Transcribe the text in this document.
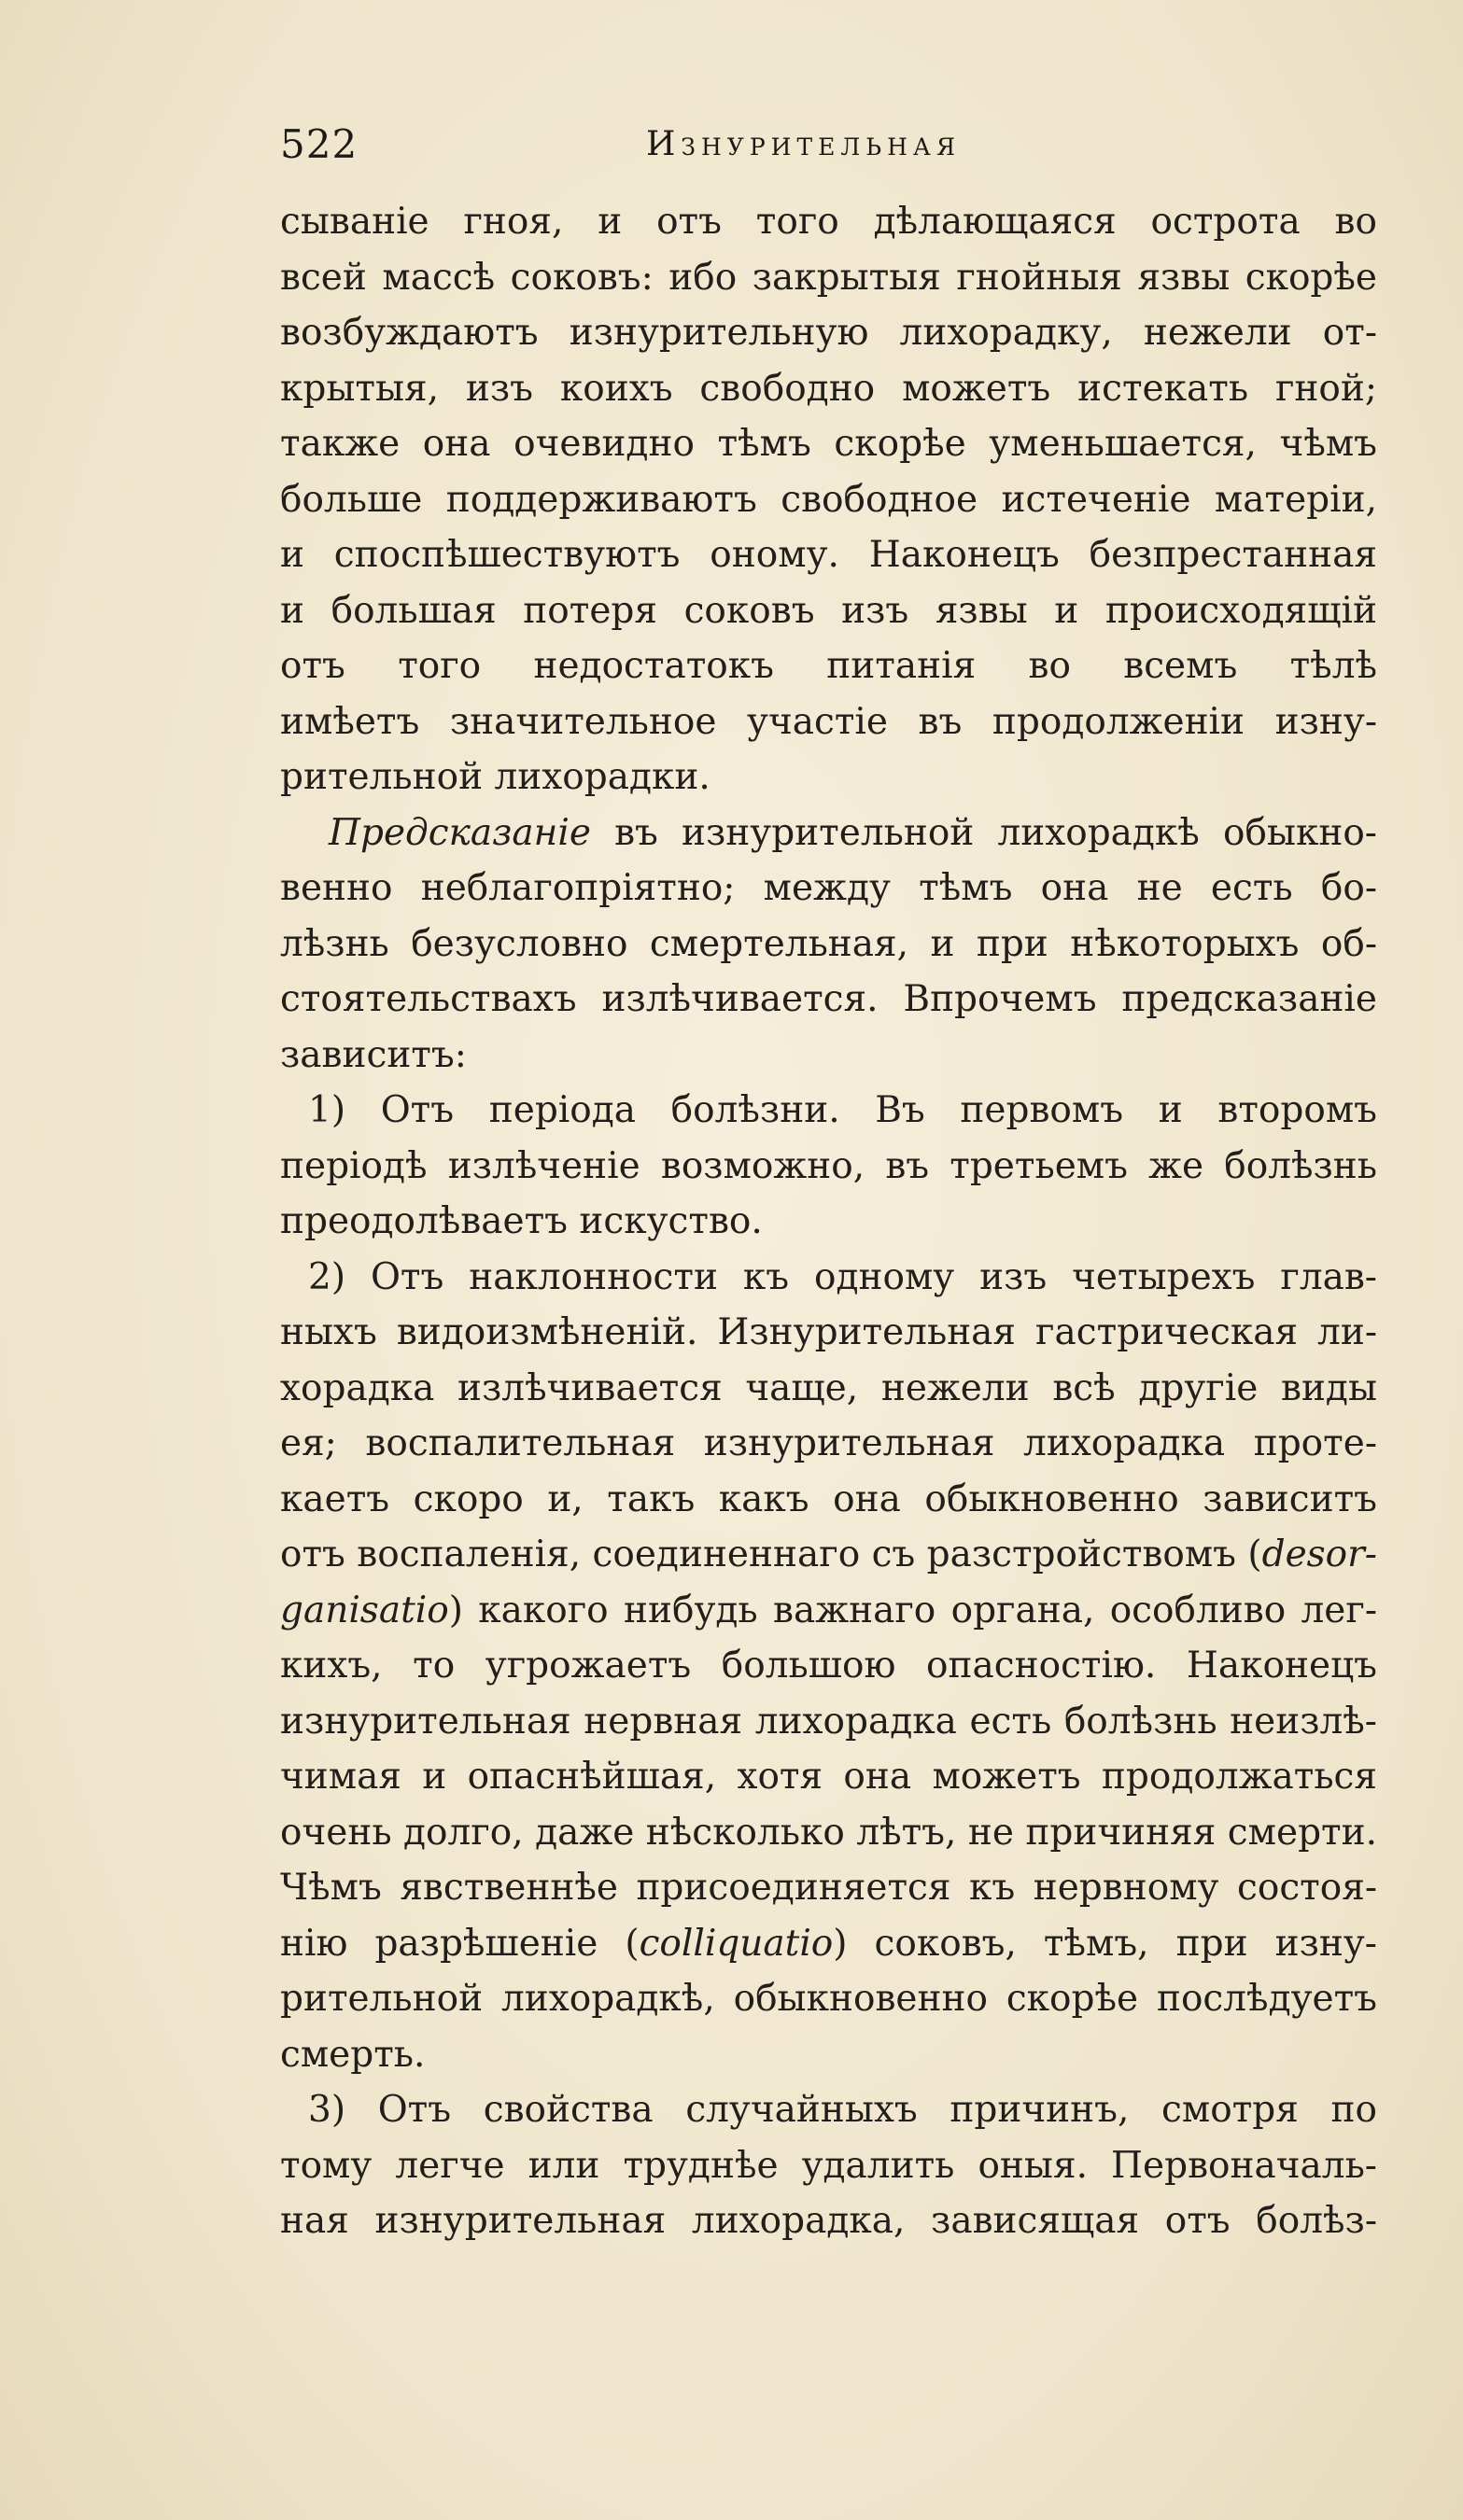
522	Изнурительная
сыванiе гноя, и отъ того дѣлающаяся острота во
всей массѣ соковъ: ибо закрытыя гнойныя язвы скорѣе
возбуждаютъ изнурительную лихорадку, нежели от-
крытыя, изъ коихъ свободно можетъ истекать гной;
также она очевидно тѣмъ скорѣе уменьшается, чѣмъ
больше поддерживаютъ свободное истеченiе матерiи,
и споспѣшествуютъ оному. Наконецъ безпрестанная
и большая потеря соковъ изъ язвы и происходящiй
отъ того недостатокъ питанiя во всемъ тѣлѣ
имѣетъ значительное участiе въ продолженiи изну-
рительной лихорадки.
Предсказанiе въ изнурительной лихорадкѣ обыкно-
венно неблагопрiятно; между тѣмъ она не есть бо-
лѣзнь безусловно смертельная, и при нѣкоторыхъ об-
стоятельствахъ излѣчивается. Впрочемъ предсказанiе
зависитъ:
1) Отъ перiода болѣзни. Въ первомъ и второмъ
перiодѣ излѣченiе возможно, въ третьемъ же болѣзнь
преодолѣваетъ искуство.
2) Отъ наклонности къ одному изъ четырехъ глав-
ныхъ видоизмѣненiй. Изнурительная гастрическая ли-
хорадка излѣчивается чаще, нежели всѣ другiе виды
ея; воспалительная изнурительная лихорадка проте-
каетъ скоро и, такъ какъ она обыкновенно зависитъ
отъ воспаленiя, соединеннаго съ разстройствомъ (desor-
ganisatio) какого нибудь важнаго органа, особливо лег-
кихъ, то угрожаетъ большою опасностiю. Наконецъ
изнурительная нервная лихорадка есть болѣзнь неизлѣ-
чимая и опаснѣйшая, хотя она можетъ продолжаться
очень долго, даже нѣсколько лѣтъ, не причиняя смерти.
Чѣмъ явственнѣе присоединяется къ нервному состоя-
нiю разрѣшенiе (colliquatio) соковъ, тѣмъ, при изну-
рительной лихорадкѣ, обыкновенно скорѣе послѣдуетъ
смерть.
3) Отъ свойства случайныхъ причинъ, смотря по
тому легче или труднѣе удалить оныя. Первоначаль-
ная изнурительная лихорадка, зависящая отъ болѣз-
